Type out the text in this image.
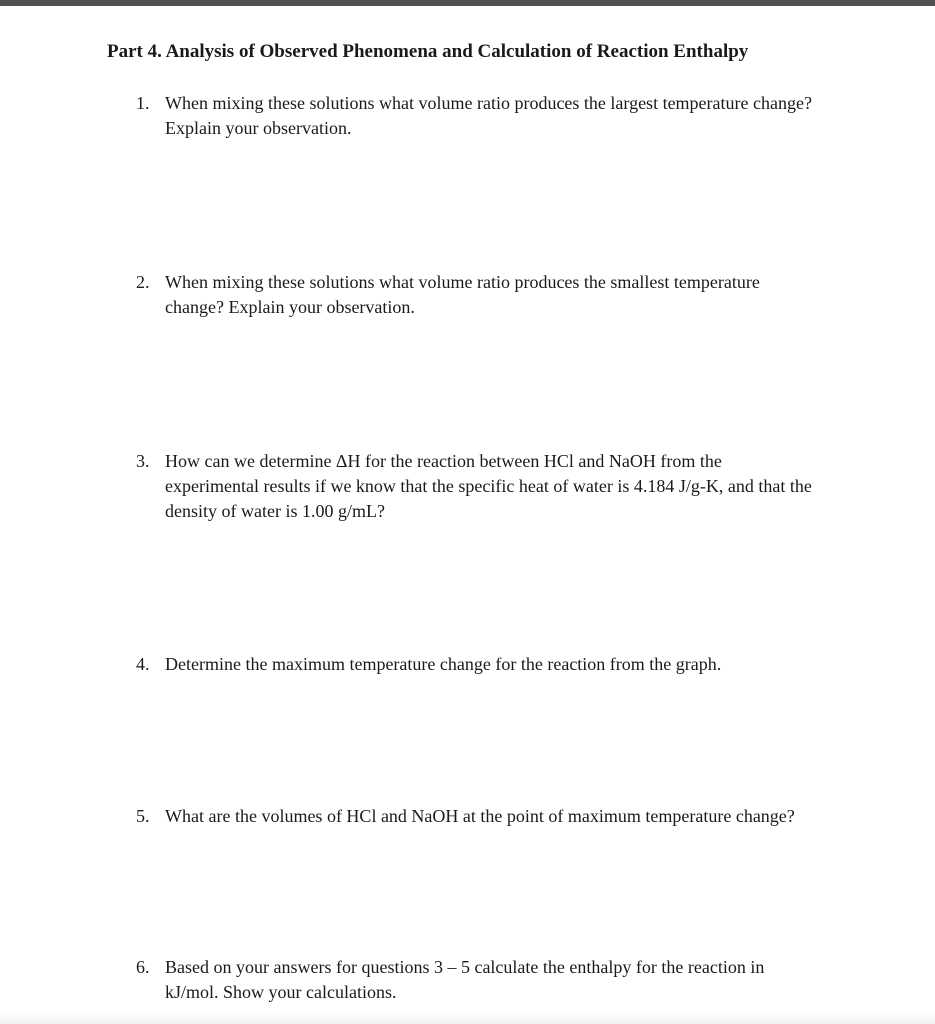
Part 4. Analysis of Observed Phenomena and Calculation of Reaction Enthalpy
1. When mixing these solutions what volume ratio produces the largest temperature change?
Explain your observation.
2. When mixing these solutions what volume ratio produces the smallest temperature
change? Explain your observation.
3. How can we determine ΔH for the reaction between HCl and NaOH from the
experimental results if we know that the specific heat of water is 4.184 J/g-K, and that the
density of water is 1.00 g/mL?
4. Determine the maximum temperature change for the reaction from the graph.
5. What are the volumes of HCl and NaOH at the point of maximum temperature change?
6. Based on your answers for questions 3 – 5 calculate the enthalpy for the reaction in
kJ/mol. Show your calculations.
